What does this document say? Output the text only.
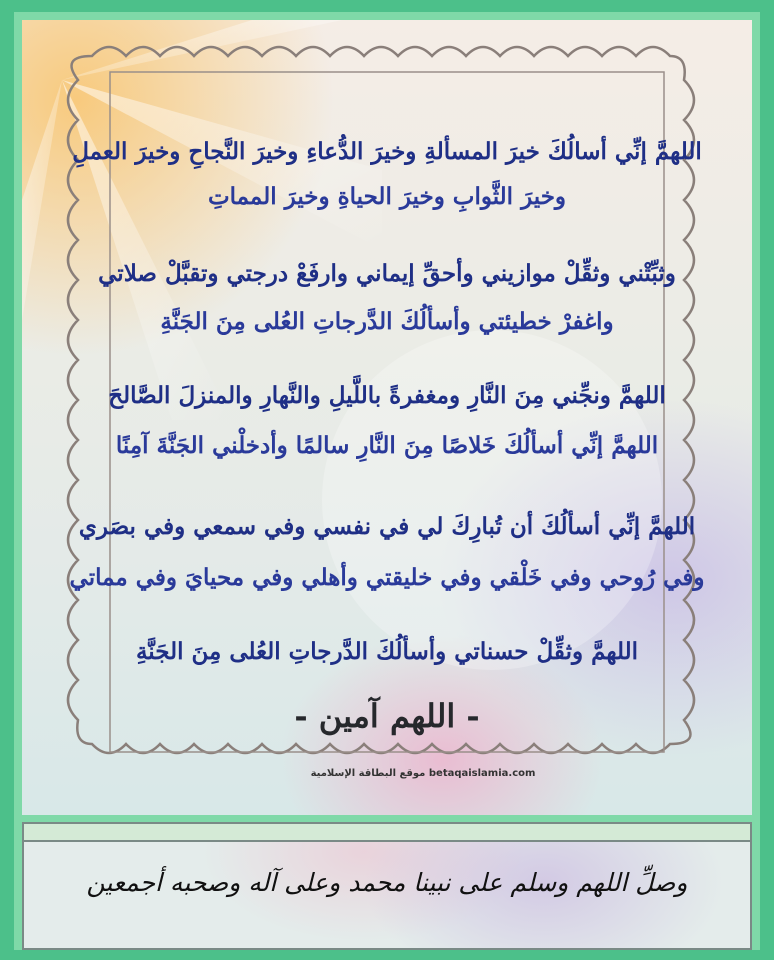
اللهمَّ إنِّي أسالُكَ خيرَ المسألةِ وخيرَ الدُّعاءِ وخيرَ النَّجاحِ وخيرَ العملِ
وخيرَ الثَّوابِ وخيرَ الحياةِ وخيرَ المماتِ
وثبِّتْني وثقِّلْ موازيني وأحقِّ إيماني وارفَعْ درجتي وتقبَّلْ صلاتي
واغفرْ خطيئتي وأسألُكَ الدَّرجاتِ العُلى مِنَ الجَنَّةِ
اللهمَّ ونجِّني مِنَ النَّارِ ومغفرةً باللَّيلِ والنَّهارِ والمنزلَ الصَّالحَ
اللهمَّ إنِّي أسألُكَ خَلاصًا مِنَ النَّارِ سالمًا وأدخلْني الجَنَّةَ آمِنًا
اللهمَّ إنِّي أسألُكَ أن تُبارِكَ لي في نفسي وفي سمعي وفي بصَري
وفي رُوحي وفي خَلْقي وفي خليقتي وأهلي وفي محيايَ وفي مماتي
اللهمَّ وثقِّلْ حسناتي وأسألُكَ الدَّرجاتِ العُلى مِنَ الجَنَّةِ
- اللهم آمين -
موقع البطاقة الإسلامية betaqaislamia.com
وصلِّ اللهم وسلم على نبينا محمد وعلى آله وصحبه أجمعين
